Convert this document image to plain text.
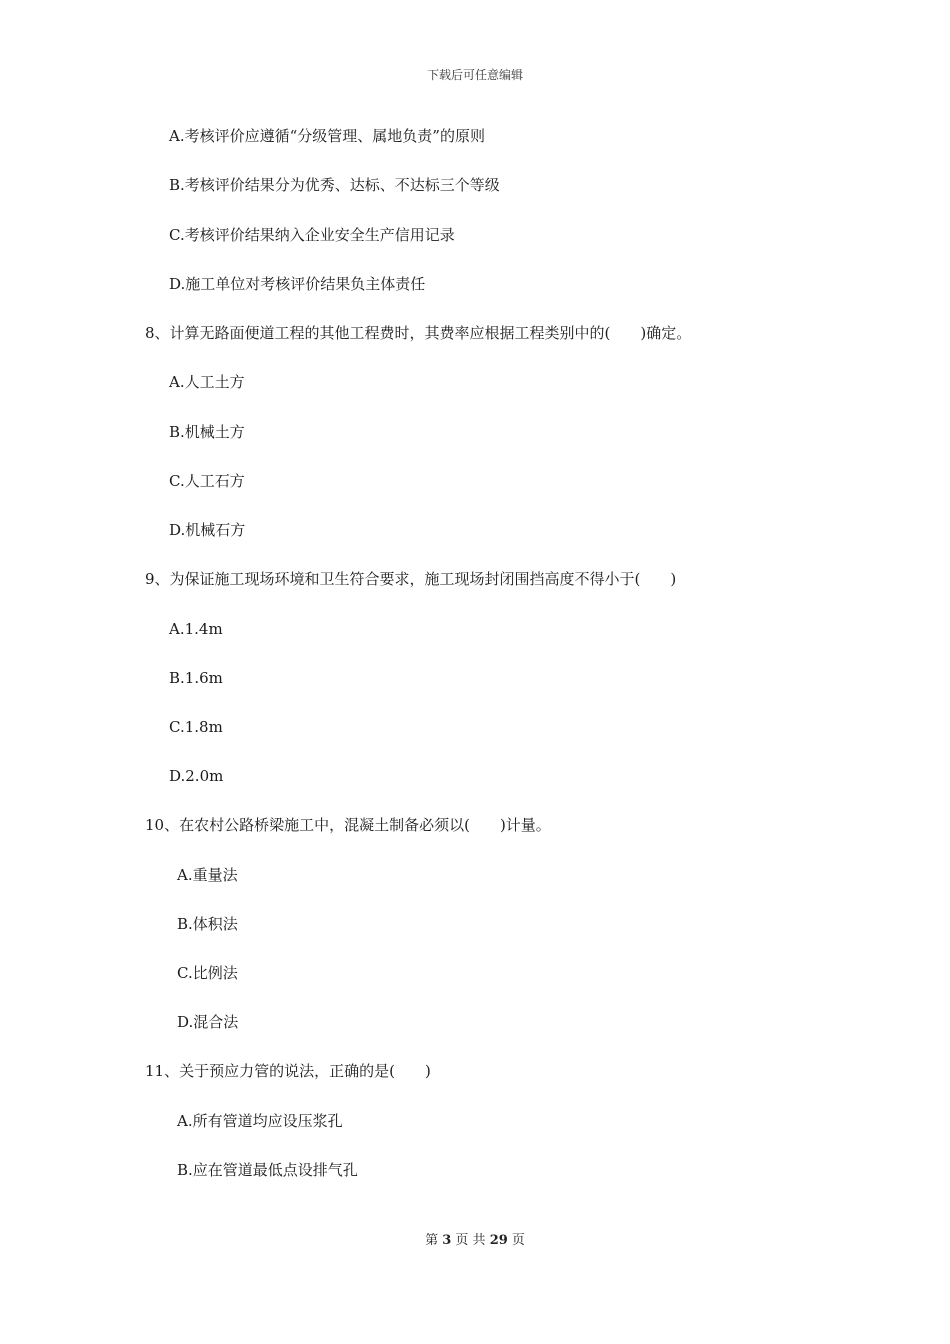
下载后可任意编辑
A.考核评价应遵循“分级管理、属地负责”的原则
B.考核评价结果分为优秀、达标、不达标三个等级
C.考核评价结果纳入企业安全生产信用记录
D.施工单位对考核评价结果负主体责任
8、计算无路面便道工程的其他工程费时，其费率应根据工程类别中的(　　)确定。
A.人工土方
B.机械土方
C.人工石方
D.机械石方
9、为保证施工现场环境和卫生符合要求，施工现场封闭围挡高度不得小于(　　)
A.1.4m
B.1.6m
C.1.8m
D.2.0m
10、在农村公路桥梁施工中，混凝土制备必须以(　　)计量。
A.重量法
B.体积法
C.比例法
D.混合法
11、关于预应力管的说法，正确的是(　　)
A.所有管道均应设压浆孔
B.应在管道最低点设排气孔
第 3 页 共 29 页
